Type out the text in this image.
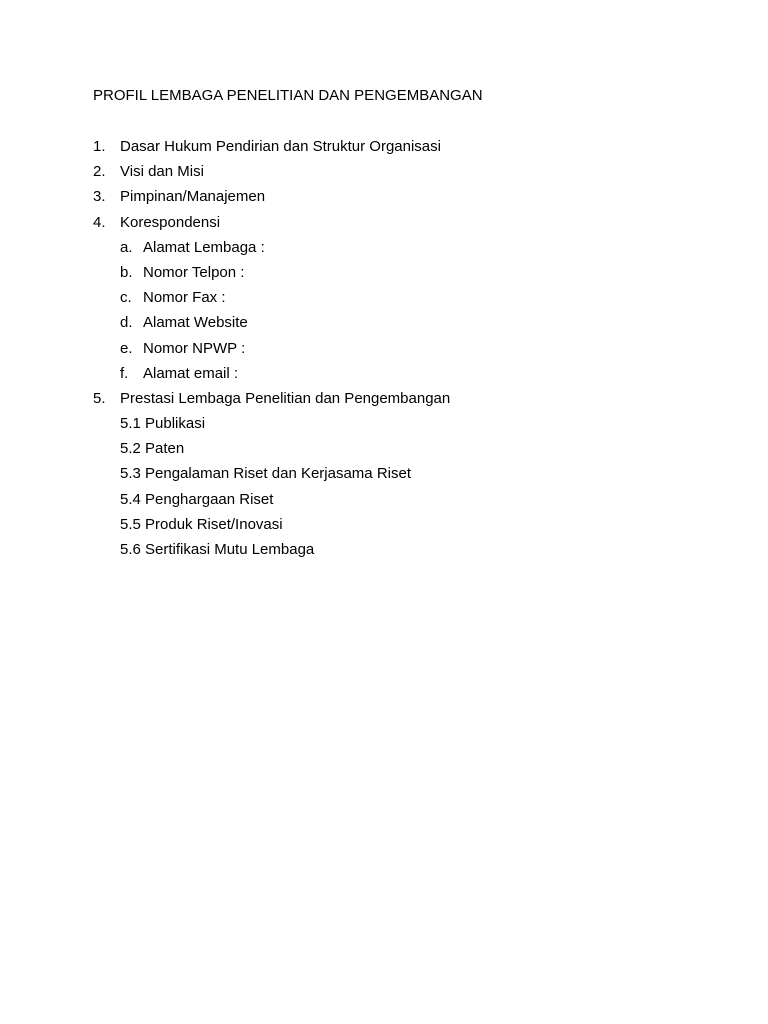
PROFIL LEMBAGA PENELITIAN DAN PENGEMBANGAN
1. Dasar Hukum Pendirian dan Struktur Organisasi
2. Visi dan Misi
3. Pimpinan/Manajemen
4. Korespondensi
a. Alamat Lembaga :
b. Nomor Telpon :
c. Nomor Fax :
d. Alamat Website
e. Nomor NPWP :
f. Alamat email :
5. Prestasi Lembaga Penelitian dan Pengembangan
5.1 Publikasi
5.2 Paten
5.3 Pengalaman Riset dan Kerjasama Riset
5.4 Penghargaan Riset
5.5 Produk Riset/Inovasi
5.6 Sertifikasi Mutu Lembaga
